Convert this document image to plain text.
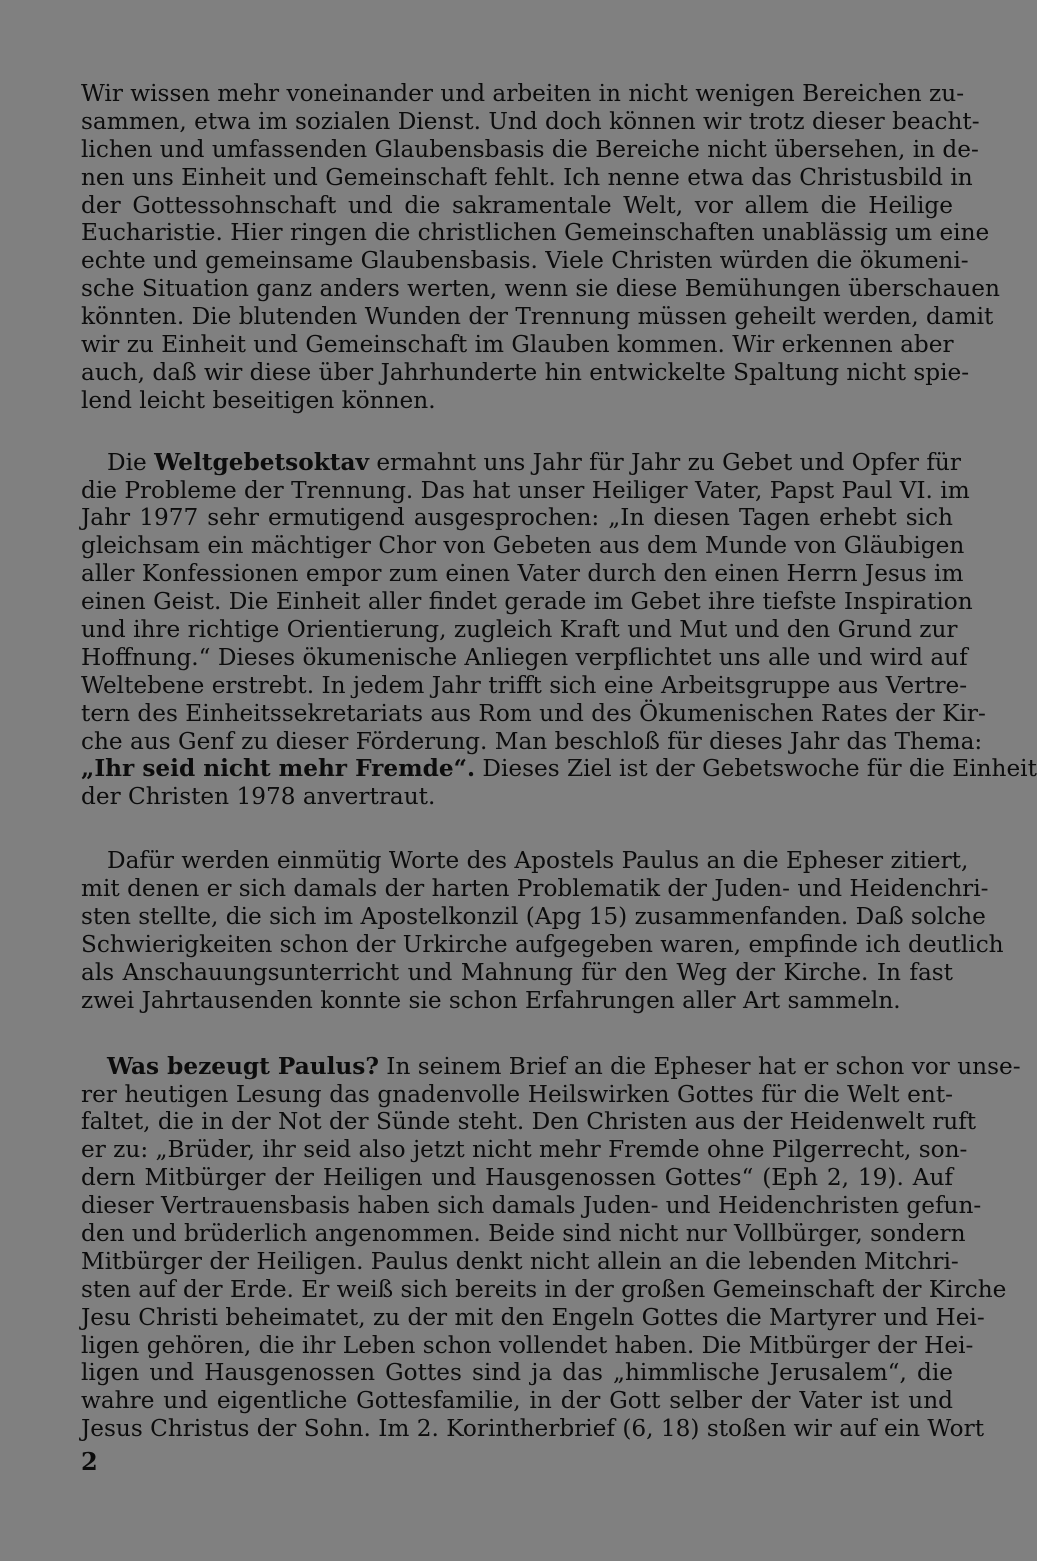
Wir wissen mehr voneinander und arbeiten in nicht wenigen Bereichen zu-
sammen, etwa im sozialen Dienst. Und doch können wir trotz dieser beacht-
lichen und umfassenden Glaubensbasis die Bereiche nicht übersehen, in de-
nen uns Einheit und Gemeinschaft fehlt. Ich nenne etwa das Christusbild in
der Gottessohnschaft und die sakramentale Welt, vor allem die Heilige
Eucharistie. Hier ringen die christlichen Gemeinschaften unablässig um eine
echte und gemeinsame Glaubensbasis. Viele Christen würden die ökumeni-
sche Situation ganz anders werten, wenn sie diese Bemühungen überschauen
könnten. Die blutenden Wunden der Trennung müssen geheilt werden, damit
wir zu Einheit und Gemeinschaft im Glauben kommen. Wir erkennen aber
auch, daß wir diese über Jahrhunderte hin entwickelte Spaltung nicht spie-
lend leicht beseitigen können.
Die Weltgebetsoktav ermahnt uns Jahr für Jahr zu Gebet und Opfer für
die Probleme der Trennung. Das hat unser Heiliger Vater, Papst Paul VI. im
Jahr 1977 sehr ermutigend ausgesprochen: „In diesen Tagen erhebt sich
gleichsam ein mächtiger Chor von Gebeten aus dem Munde von Gläubigen
aller Konfessionen empor zum einen Vater durch den einen Herrn Jesus im
einen Geist. Die Einheit aller findet gerade im Gebet ihre tiefste Inspiration
und ihre richtige Orientierung, zugleich Kraft und Mut und den Grund zur
Hoffnung.“ Dieses ökumenische Anliegen verpflichtet uns alle und wird auf
Weltebene erstrebt. In jedem Jahr trifft sich eine Arbeitsgruppe aus Vertre-
tern des Einheitssekretariats aus Rom und des Ökumenischen Rates der Kir-
che aus Genf zu dieser Förderung. Man beschloß für dieses Jahr das Thema:
„Ihr seid nicht mehr Fremde“. Dieses Ziel ist der Gebetswoche für die Einheit
der Christen 1978 anvertraut.
Dafür werden einmütig Worte des Apostels Paulus an die Epheser zitiert,
mit denen er sich damals der harten Problematik der Juden- und Heidenchri-
sten stellte, die sich im Apostelkonzil (Apg 15) zusammenfanden. Daß solche
Schwierigkeiten schon der Urkirche aufgegeben waren, empfinde ich deutlich
als Anschauungsunterricht und Mahnung für den Weg der Kirche. In fast
zwei Jahrtausenden konnte sie schon Erfahrungen aller Art sammeln.
Was bezeugt Paulus? In seinem Brief an die Epheser hat er schon vor unse-
rer heutigen Lesung das gnadenvolle Heilswirken Gottes für die Welt ent-
faltet, die in der Not der Sünde steht. Den Christen aus der Heidenwelt ruft
er zu: „Brüder, ihr seid also jetzt nicht mehr Fremde ohne Pilgerrecht, son-
dern Mitbürger der Heiligen und Hausgenossen Gottes“ (Eph 2, 19). Auf
dieser Vertrauensbasis haben sich damals Juden- und Heidenchristen gefun-
den und brüderlich angenommen. Beide sind nicht nur Vollbürger, sondern
Mitbürger der Heiligen. Paulus denkt nicht allein an die lebenden Mitchri-
sten auf der Erde. Er weiß sich bereits in der großen Gemeinschaft der Kirche
Jesu Christi beheimatet, zu der mit den Engeln Gottes die Martyrer und Hei-
ligen gehören, die ihr Leben schon vollendet haben. Die Mitbürger der Hei-
ligen und Hausgenossen Gottes sind ja das „himmlische Jerusalem“, die
wahre und eigentliche Gottesfamilie, in der Gott selber der Vater ist und
Jesus Christus der Sohn. Im 2. Korintherbrief (6, 18) stoßen wir auf ein Wort
2
